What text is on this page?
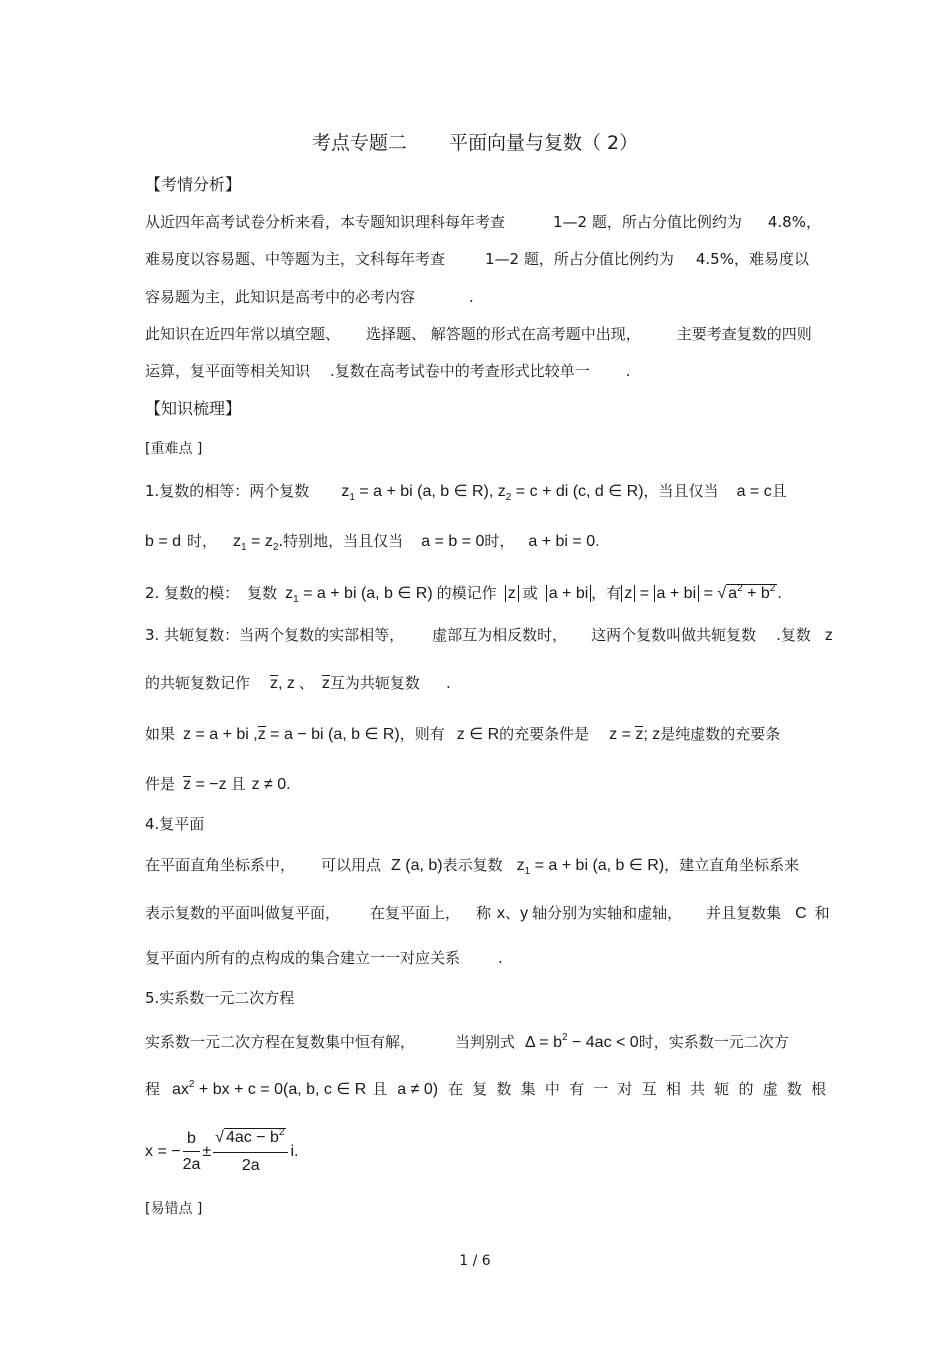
考点专题二 平面向量与复数（ 2）
【考情分析】
从近四年高考试卷分析来看，本专题知识理科每年考查	1—2 题，所占分值比例约为 4.8%，
难易度以容易题、中等题为主，文科每年考查	1—2 题，所占分值比例约为 4.5%，难易度以
容易题为主，此知识是高考中的必考内容	.
此知识在近四年常以填空题、 选择题、 解答题的形式在高考题中出现， 主要考查复数的四则
运算，复平面等相关知识 .复数在高考试卷中的考查形式比较单一 .
【知识梳理】
[重难点 ]
1.复数的相等：两个复数 $z_1 = a$ + bi (a, b ∈ R), $z_2 = c$ + di (c, d ∈ R)，当且仅当 a = c且
b = d 时， $z_1 = z_2$.特别地，当且仅当 a = b = 0时， a + bi = 0.
2. 复数的模： 复数 $z_1 = a$ + bi (a, b ∈ R) 的模记作 z 或 a + bi ，有 z = a + bi = √ $a^2 + b^2$ .
3. 共轭复数：当两个复数的实部相等， 虚部互为相反数时， 这两个复数叫做共轭复数 .复数 z
的共轭复数记作 z, z 、 z互为共轭复数 .
如果 z = a + bi ,z = a − bi (a, b ∈ R)，则有 z ∈ R的充要条件是 z = z; z是纯虚数的充要条
件是 z = −z 且 z ≠ 0.
4.复平面
在平面直角坐标系中， 可以用点 Z (a, b)表示复数 $z_1 = a$ + bi (a, b ∈ R)，建立直角坐标系来
表示复数的平面叫做复平面， 在复平面上， 称 x、y 轴分别为实轴和虚轴， 并且复数集 C 和
复平面内所有的点构成的集合建立一一对应关系	.
5.实系数一元二次方程
实系数一元二次方程在复数集中恒有解，	当判别式 $\Delta = b^2 - 4ac < 0$时，实系数一元二次方
程 $ax^2$ + bx + c = 0(a, b, c ∈ R 且 a ≠ 0) 在复数集中有一对互相共轭的虚数根
x = − $\frac{b}{2a} \pm \frac{√ 4ac - b^2}{2a} i$.
[易错点 ]
1 / 6
